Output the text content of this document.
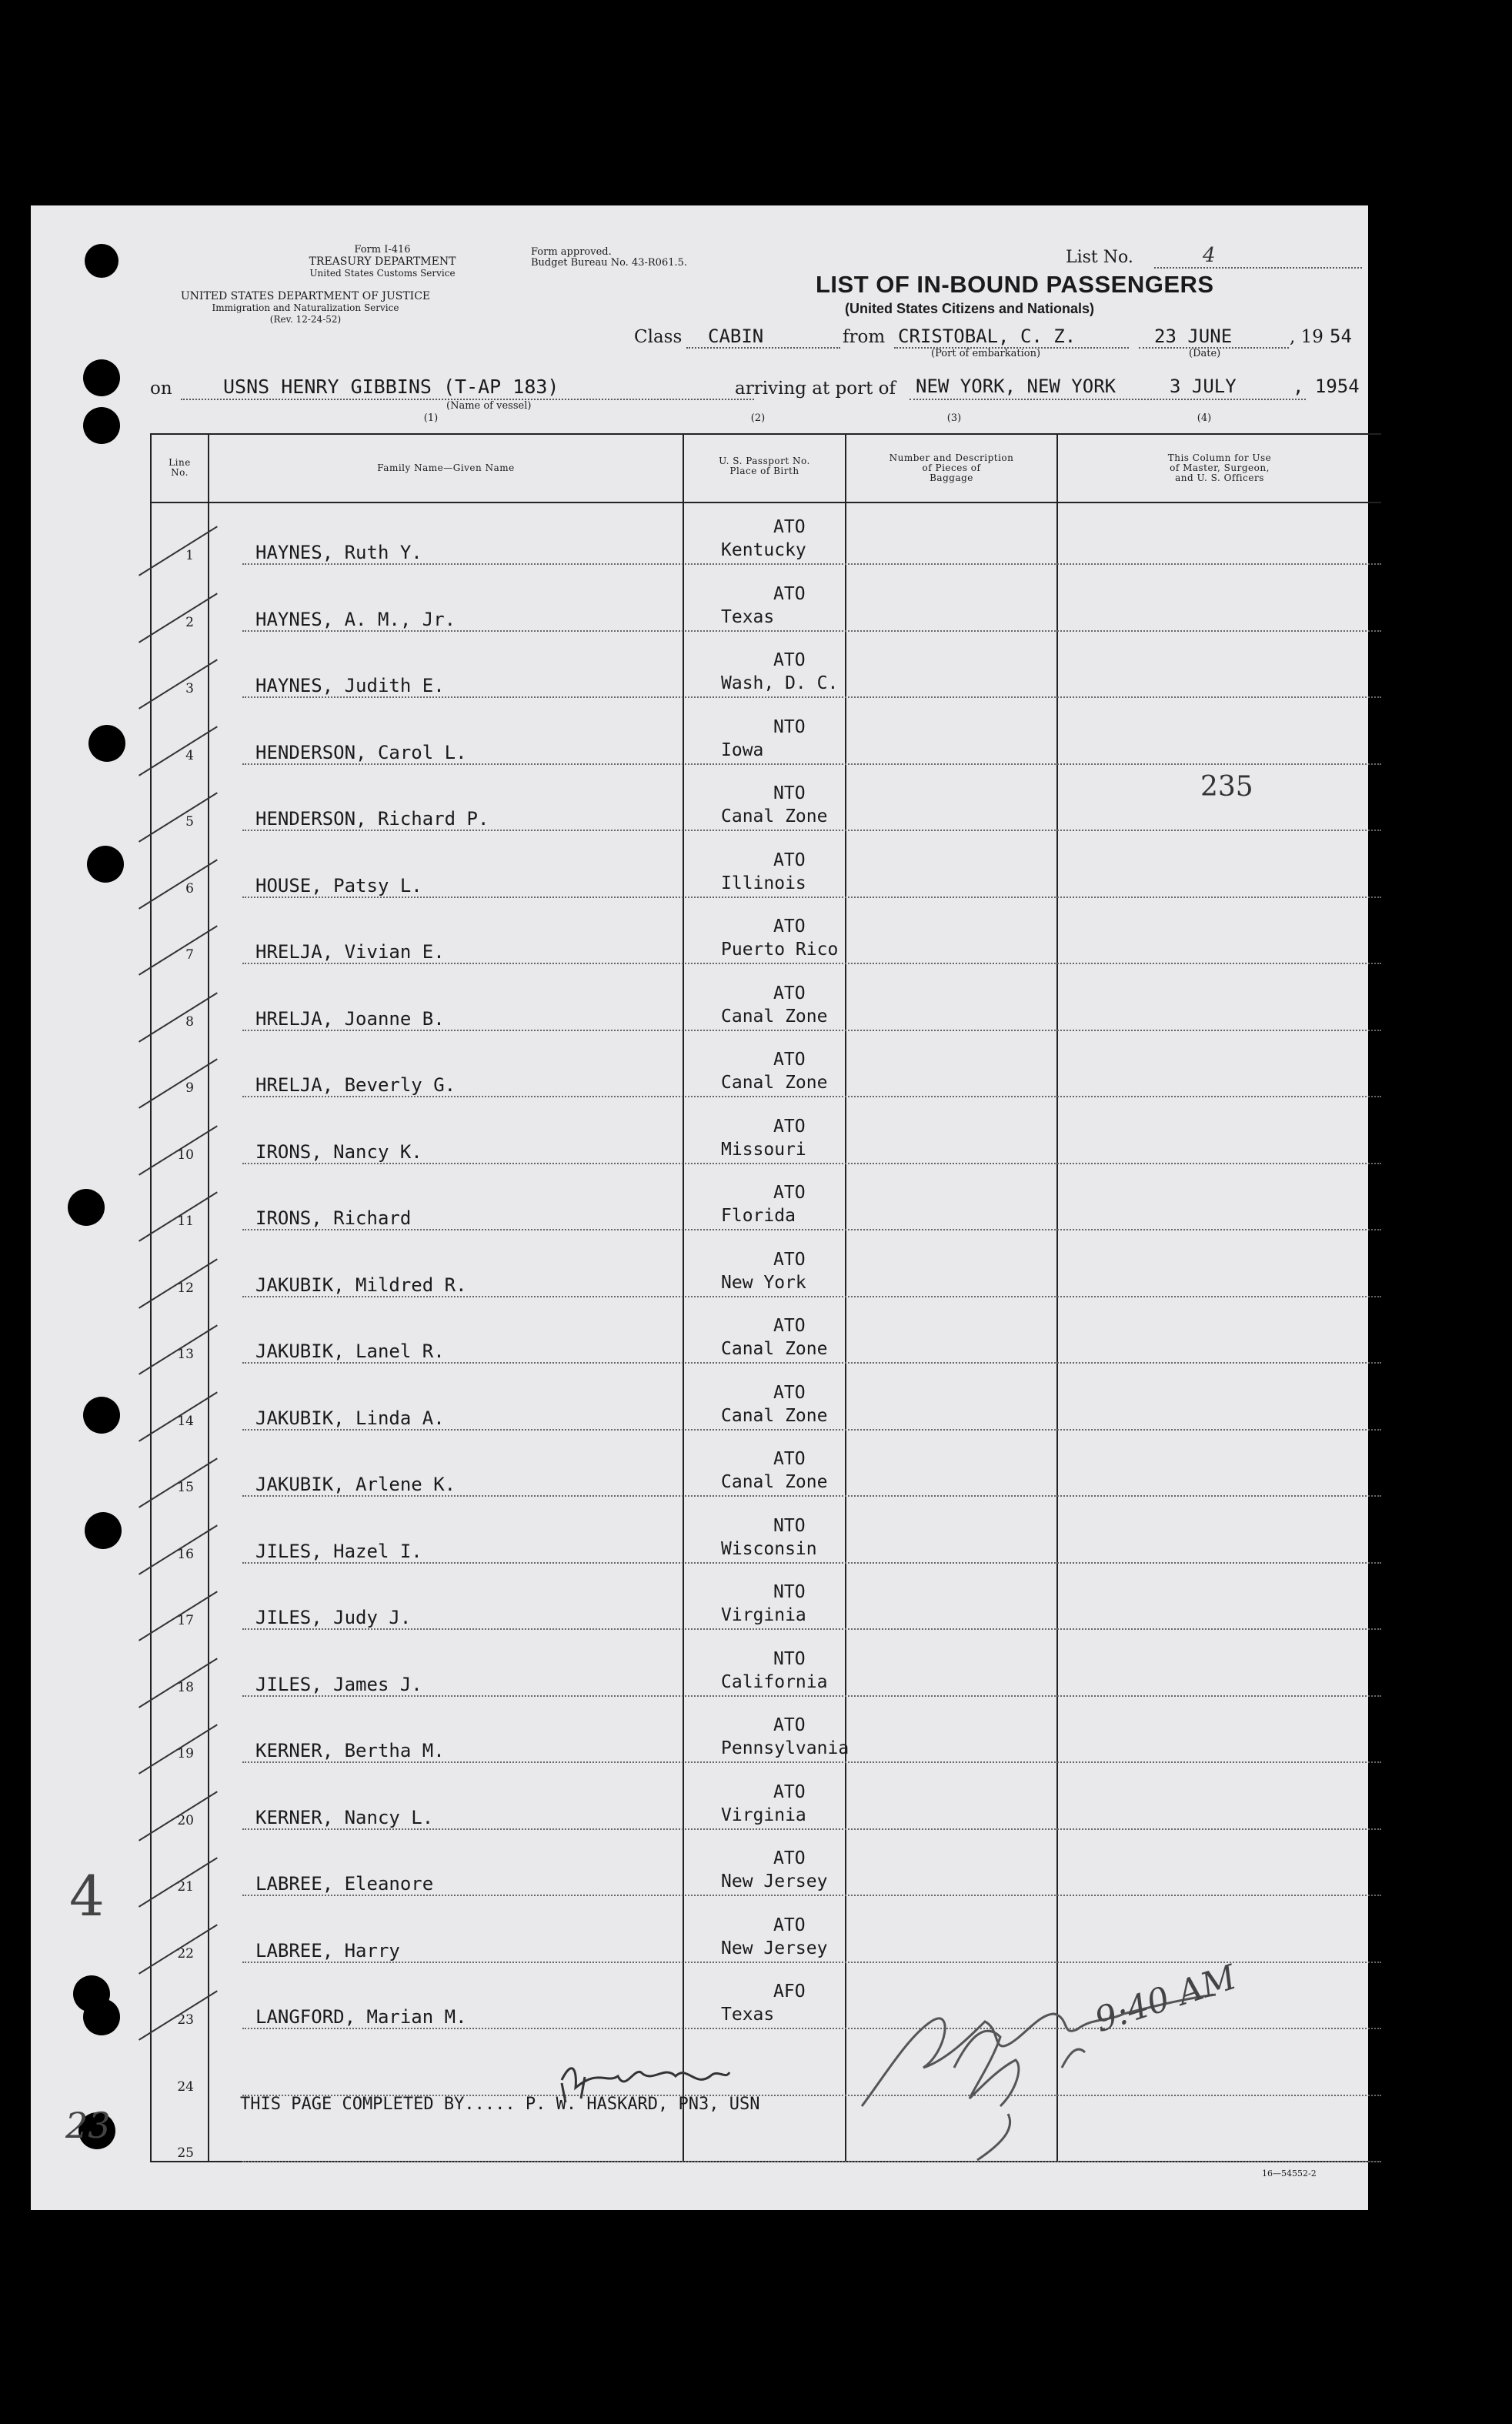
Form I-416
TREASURY DEPARTMENT
United States Customs Service
UNITED STATES DEPARTMENT OF JUSTICE
Immigration and Naturalization Service
(Rev. 12-24-52)
Form approved.
Budget Bureau No. 43-R061.5.	List No.	4
LIST OF IN-BOUND PASSENGERS
(United States Citizens and Nationals)
Class CABIN	from CRISTOBAL, C. Z.
(Port of embarkation)
23 JUNE
(Date)
, 19 54
on	USNS HENRY GIBBINS (T-AP 183)
(Name of vessel)
arriving at port of NEW YORK, NEW YORK	3 JULY	, 1954
(1)	(2)	(3)	(4)
Line
No.	Family Name—Given Name
U. S. Passport No.
Place of Birth
Number and Description
of Pieces of
Baggage
This Column for Use
of Master, Surgeon,
and U. S. Officers
1	HAYNES, Ruth Y.
ATO
Kentucky
2	HAYNES, A. M., Jr.
ATO
Texas
3	HAYNES, Judith E.
ATO
Wash, D. C.
4	HENDERSON, Carol L.
NTO
Iowa
5	HENDERSON, Richard P.
NTO
Canal Zone
6	HOUSE, Patsy L.
ATO
Illinois
7	HRELJA, Vivian E.
ATO
Puerto Rico
8	HRELJA, Joanne B.
ATO
Canal Zone
9	HRELJA, Beverly G.
ATO
Canal Zone
10	IRONS, Nancy K.
ATO
Missouri
11	IRONS, Richard
ATO
Florida
12	JAKUBIK, Mildred R.
ATO
New York
13	JAKUBIK, Lanel R.
ATO
Canal Zone
14	JAKUBIK, Linda A.
ATO
Canal Zone
15	JAKUBIK, Arlene K.
ATO
Canal Zone
16	JILES, Hazel I.
NTO
Wisconsin
17	JILES, Judy J.
NTO
Virginia
18	JILES, James J.
NTO
California
19	KERNER, Bertha M.
ATO
Pennsylvania
20	KERNER, Nancy L.
ATO
Virginia
21	LABREE, Eleanore
ATO
New Jersey
22	LABREE, Harry
ATO
New Jersey
23	LANGFORD, Marian M.
AFO
Texas
24
25
235
THIS PAGE COMPLETED BY..... P. W. HASKARD, PN3, USN
9:40 AM
4
23
16—54552-2
